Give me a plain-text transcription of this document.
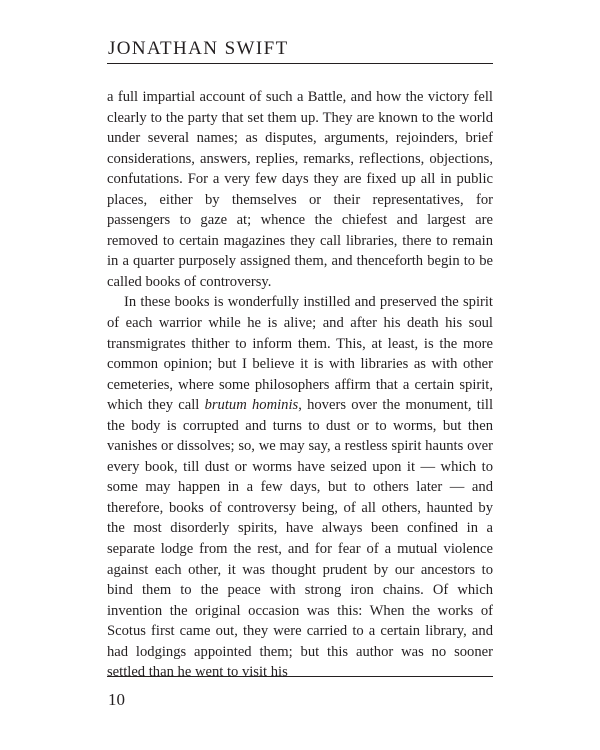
JONATHAN SWIFT

a full impartial account of such a Battle, and how the victory fell clearly to the party that set them up. They are known to the world under several names; as disputes, arguments, rejoinders, brief considerations, answers, replies, remarks, reflections, objections, confutations. For a very few days they are fixed up all in public places, either by themselves or their representatives, for passengers to gaze at; whence the chiefest and largest are removed to certain magazines they call libraries, there to remain in a quarter purposely assigned them, and thenceforth begin to be called books of controversy.

In these books is wonderfully instilled and preserved the spirit of each warrior while he is alive; and after his death his soul transmigrates thither to inform them. This, at least, is the more common opinion; but I believe it is with libraries as with other cemeteries, where some philosophers affirm that a certain spirit, which they call brutum hominis, hovers over the monument, till the body is corrupted and turns to dust or to worms, but then vanishes or dissolves; so, we may say, a restless spirit haunts over every book, till dust or worms have seized upon it — which to some may happen in a few days, but to others later — and therefore, books of controversy being, of all others, haunted by the most disorderly spirits, have always been confined in a separate lodge from the rest, and for fear of a mutual violence against each other, it was thought prudent by our ancestors to bind them to the peace with strong iron chains. Of which invention the original occasion was this: When the works of Scotus first came out, they were carried to a certain library, and had lodgings appointed them; but this author was no sooner settled than he went to visit his

10
